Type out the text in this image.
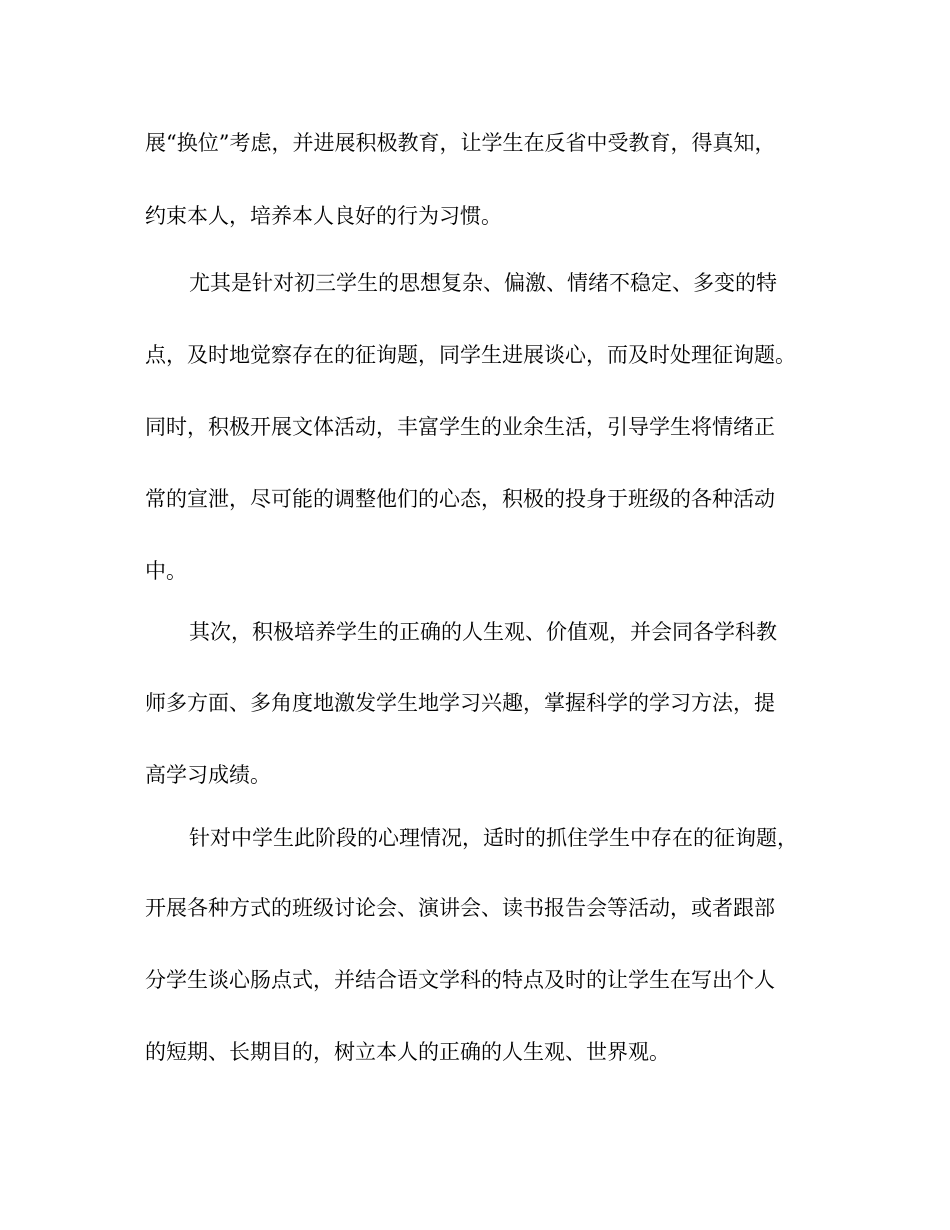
展“换位”考虑，并进展积极教育，让学生在反省中受教育，得真知，
约束本人，培养本人良好的行为习惯。
尤其是针对初三学生的思想复杂、偏激、情绪不稳定、多变的特
点，及时地觉察存在的征询题，同学生进展谈心，而及时处理征询题。
同时，积极开展文体活动，丰富学生的业余生活，引导学生将情绪正
常的宣泄，尽可能的调整他们的心态，积极的投身于班级的各种活动
中。
其次，积极培养学生的正确的人生观、价值观，并会同各学科教
师多方面、多角度地激发学生地学习兴趣，掌握科学的学习方法，提
高学习成绩。
针对中学生此阶段的心理情况，适时的抓住学生中存在的征询题，
开展各种方式的班级讨论会、演讲会、读书报告会等活动，或者跟部
分学生谈心肠点式，并结合语文学科的特点及时的让学生在写出个人
的短期、长期目的，树立本人的正确的人生观、世界观。
